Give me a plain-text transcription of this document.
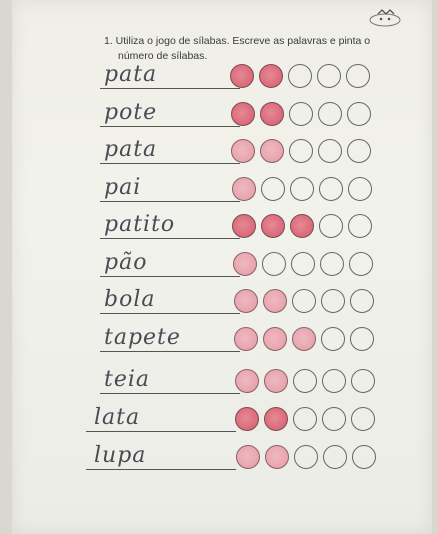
1. Utiliza o jogo de sílabas. Escreve as palavras e pinta o
número de sílabas.
pata
pote
pata
pai
patito
pão
bola
tapete
teia
lata
lupa
